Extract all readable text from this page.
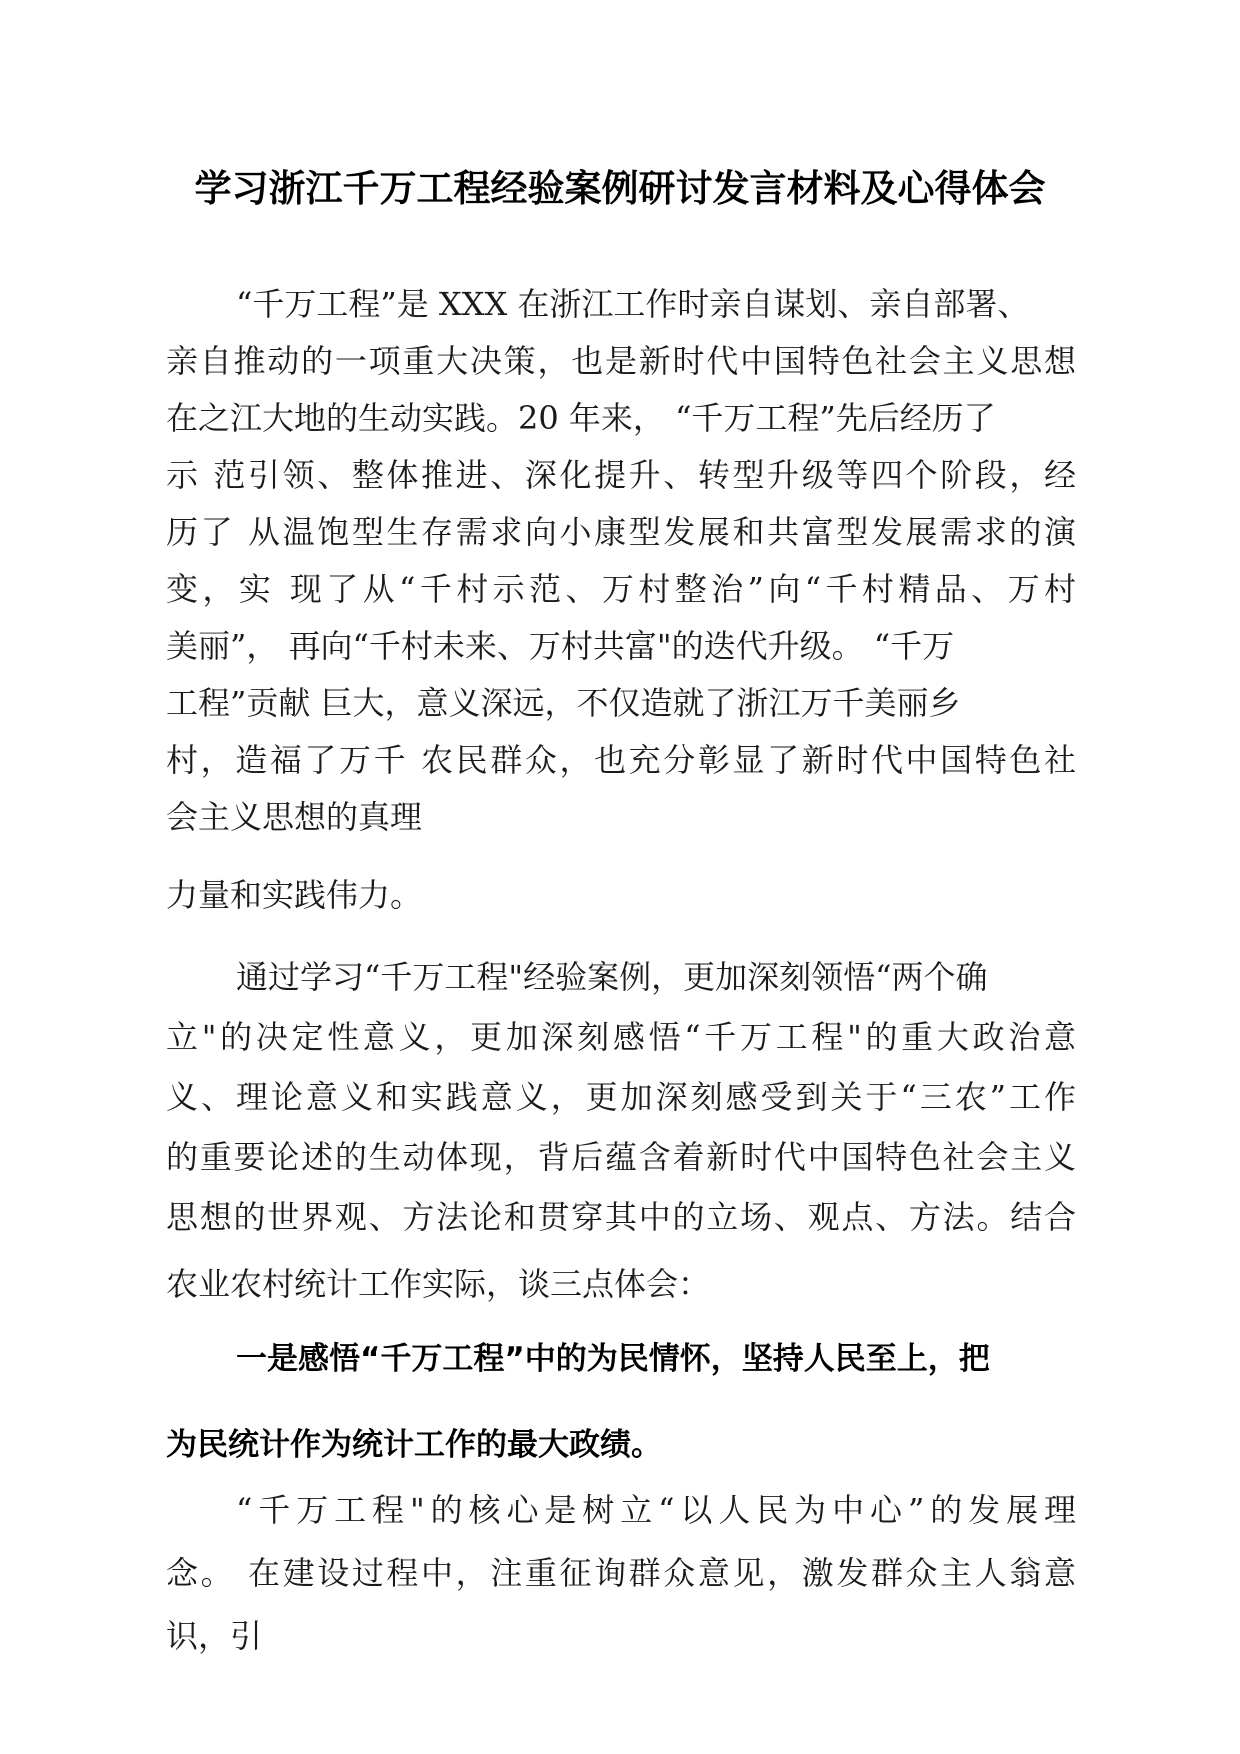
学习浙江千万工程经验案例研讨发言材料及心得体会
“千万工程”是 XXX 在浙江工作时亲自谋划、亲自部署、
亲自推动的一项重大决策，也是新时代中国特色社会主义思想
在之江大地的生动实践。20 年来， “千万工程”先后经历了
示 范引领、整体推进、深化提升、转型升级等四个阶段，经
历了 从温饱型生存需求向小康型发展和共富型发展需求的演
变，实 现了从“千村示范、万村整治”向“千村精品、万村
美丽”， 再向“千村未来、万村共富"的迭代升级。 “千万
工程”贡献 巨大，意义深远，不仅造就了浙江万千美丽乡
村，造福了万千 农民群众，也充分彰显了新时代中国特色社
会主义思想的真理
力量和实践伟力。
通过学习“千万工程"经验案例，更加深刻领悟“两个确
立"的决定性意义，更加深刻感悟“千万工程"的重大政治意
义、理论意义和实践意义，更加深刻感受到关于“三农”工作
的重要论述的生动体现，背后蕴含着新时代中国特色社会主义
思想的世界观、方法论和贯穿其中的立场、观点、方法。结合
农业农村统计工作实际，谈三点体会：
一是感悟“千万工程”中的为民情怀，坚持人民至上，把
为民统计作为统计工作的最大政绩。
“千万工程"的核心是树立“以人民为中心”的发展理
念。 在建设过程中，注重征询群众意见，激发群众主人翁意
识，引
